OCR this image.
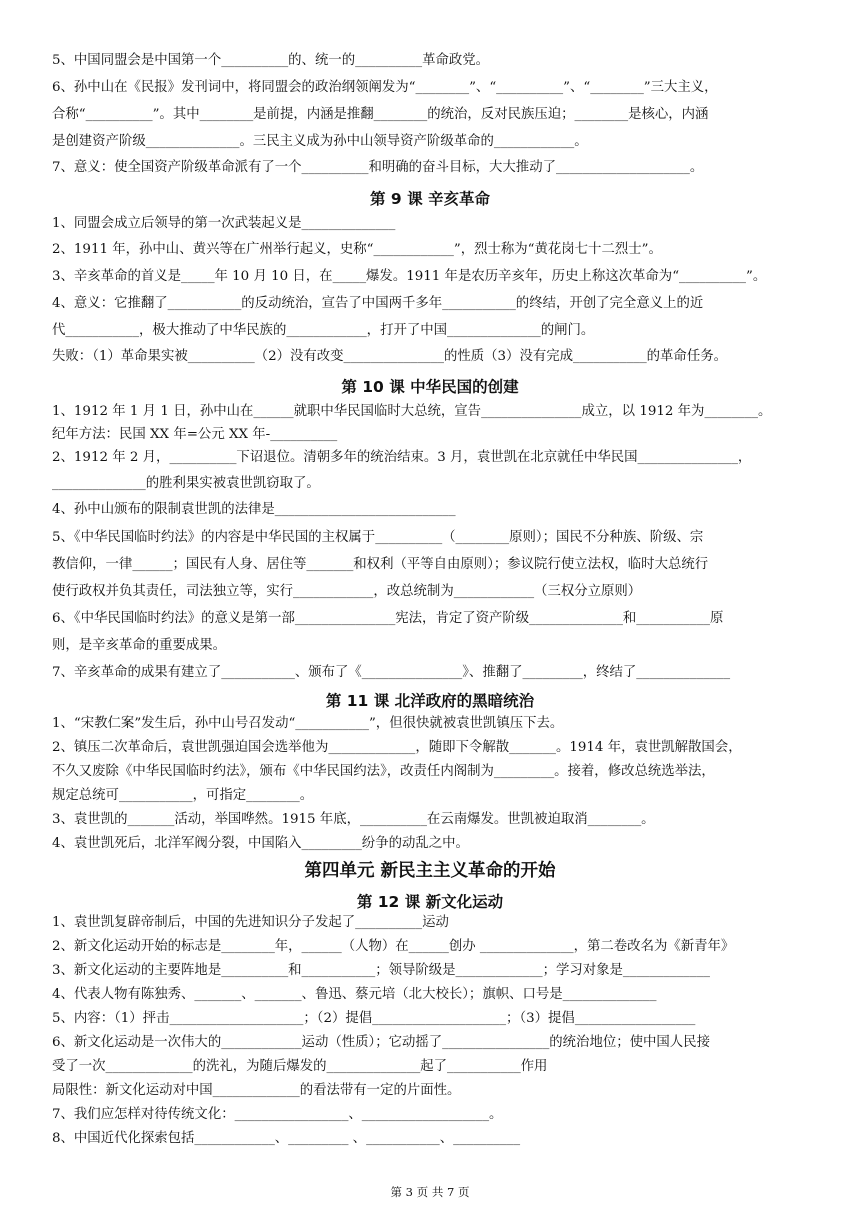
5、中国同盟会是中国第一个__________的、统一的__________革命政党。
6、孙中山在《民报》发刊词中，将同盟会的政治纲领阐发为“________”、“__________”、“________”三大主义，
合称“__________”。其中________是前提，内涵是推翻________的统治，反对民族压迫；________是核心，内涵
是创建资产阶级______________。三民主义成为孙中山领导资产阶级革命的____________。
7、意义：使全国资产阶级革命派有了一个__________和明确的奋斗目标，大大推动了____________________。
第 9 课 辛亥革命
1、同盟会成立后领导的第一次武装起义是______________
2、1911 年，孙中山、黄兴等在广州举行起义，史称“____________”，烈士称为“黄花岗七十二烈士”。
3、辛亥革命的首义是_____年 10 月 10 日，在_____爆发。1911 年是农历辛亥年，历史上称这次革命为“__________”。
4、意义：它推翻了___________的反动统治，宣告了中国两千多年___________的终结，开创了完全意义上的近
代___________，极大推动了中华民族的____________，打开了中国______________的闸门。
失败：（1）革命果实被__________（2）没有改变_______________的性质（3）没有完成___________的革命任务。
第 10 课 中华民国的创建
1、1912 年 1 月 1 日，孙中山在______就职中华民国临时大总统，宣告_______________成立，以 1912 年为________。
纪年方法：民国 XX 年=公元 XX 年-__________
2、1912 年 2 月，__________下诏退位。清朝多年的统治结束。3 月，袁世凯在北京就任中华民国_______________，
______________的胜利果实被袁世凯窃取了。
4、孙中山颁布的限制袁世凯的法律是___________________________
5、《中华民国临时约法》的内容是中华民国的主权属于__________（________原则）；国民不分种族、阶级、宗
教信仰，一律______；国民有人身、居住等_______和权利（平等自由原则）；参议院行使立法权，临时大总统行
使行政权并负其责任，司法独立等，实行____________，改总统制为____________（三权分立原则）
6、《中华民国临时约法》的意义是第一部_______________宪法，肯定了资产阶级______________和___________原
则，是辛亥革命的重要成果。
7、辛亥革命的成果有建立了___________、颁布了《_______________》、推翻了_________，终结了______________
第 11 课 北洋政府的黑暗统治
1、“宋教仁案”发生后，孙中山号召发动“___________”，但很快就被袁世凯镇压下去。
2、镇压二次革命后，袁世凯强迫国会选举他为_____________，随即下令解散_______。1914 年，袁世凯解散国会，
不久又废除《中华民国临时约法》，颁布《中华民国约法》，改责任内阁制为_________。接着，修改总统选举法，
规定总统可___________，可指定________。
3、袁世凯的_______活动，举国哗然。1915 年底，__________在云南爆发。世凯被迫取消________。
4、袁世凯死后，北洋军阀分裂，中国陷入_________纷争的动乱之中。
第四单元 新民主主义革命的开始
第 12 课 新文化运动
1、袁世凯复辟帝制后，中国的先进知识分子发起了__________运动
2、新文化运动开始的标志是________年，______（人物）在______创办 ______________，第二卷改名为《新青年》
3、新文化运动的主要阵地是__________和___________；领导阶级是_____________；学习对象是_____________
4、代表人物有陈独秀、_______、_______、鲁迅、蔡元培（北大校长）；旗帜、口号是______________
5、内容：（1）抨击____________________；（2）提倡____________________；（3）提倡__________________
6、新文化运动是一次伟大的____________运动（性质）；它动摇了________________的统治地位；使中国人民接
受了一次_____________的洗礼，为随后爆发的______________起了___________作用
局限性：新文化运动对中国_____________的看法带有一定的片面性。
7、我们应怎样对待传统文化：_________________、___________________。
8、中国近代化探索包括____________、_________ 、___________、__________
第 3 页 共 7 页
